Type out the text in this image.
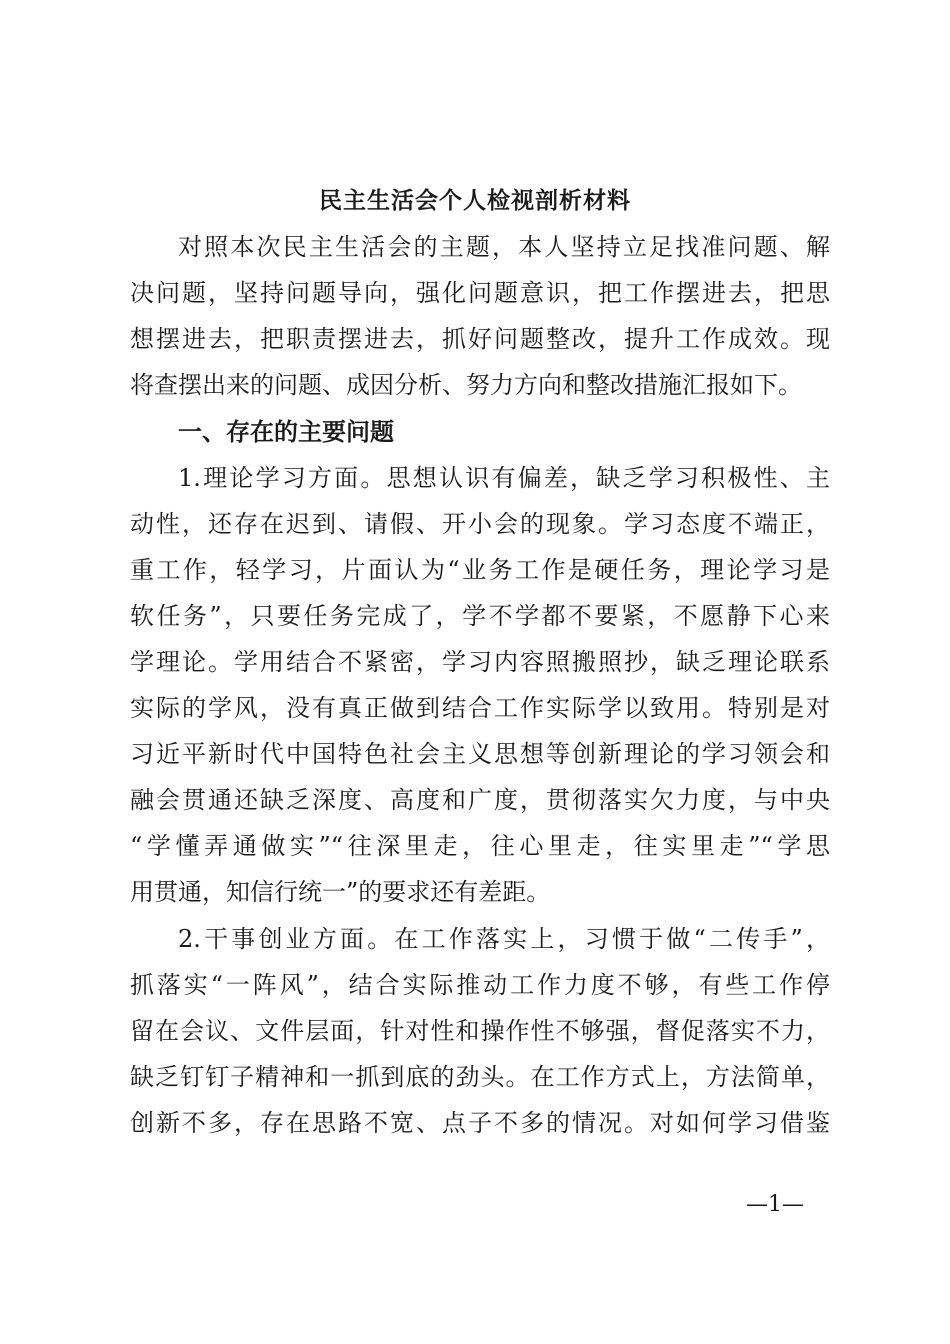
民主生活会个人检视剖析材料
对照本次民主生活会的主题，本人坚持立足找准问题、解
决问题，坚持问题导向，强化问题意识，把工作摆进去，把思
想摆进去，把职责摆进去，抓好问题整改，提升工作成效。现
将查摆出来的问题、成因分析、努力方向和整改措施汇报如下。
一、存在的主要问题
1.理论学习方面。思想认识有偏差，缺乏学习积极性、主
动性，还存在迟到、请假、开小会的现象。学习态度不端正，
重工作，轻学习，片面认为“业务工作是硬任务，理论学习是
软任务”，只要任务完成了，学不学都不要紧，不愿静下心来
学理论。学用结合不紧密，学习内容照搬照抄，缺乏理论联系
实际的学风，没有真正做到结合工作实际学以致用。特别是对
习近平新时代中国特色社会主义思想等创新理论的学习领会和
融会贯通还缺乏深度、高度和广度，贯彻落实欠力度，与中央
“学懂弄通做实”“往深里走，往心里走，往实里走”“学思
用贯通，知信行统一”的要求还有差距。
2.干事创业方面。在工作落实上，习惯于做“二传手”，
抓落实“一阵风”，结合实际推动工作力度不够，有些工作停
留在会议、文件层面，针对性和操作性不够强，督促落实不力，
缺乏钉钉子精神和一抓到底的劲头。在工作方式上，方法简单，
创新不多，存在思路不宽、点子不多的情况。对如何学习借鉴
—1—
